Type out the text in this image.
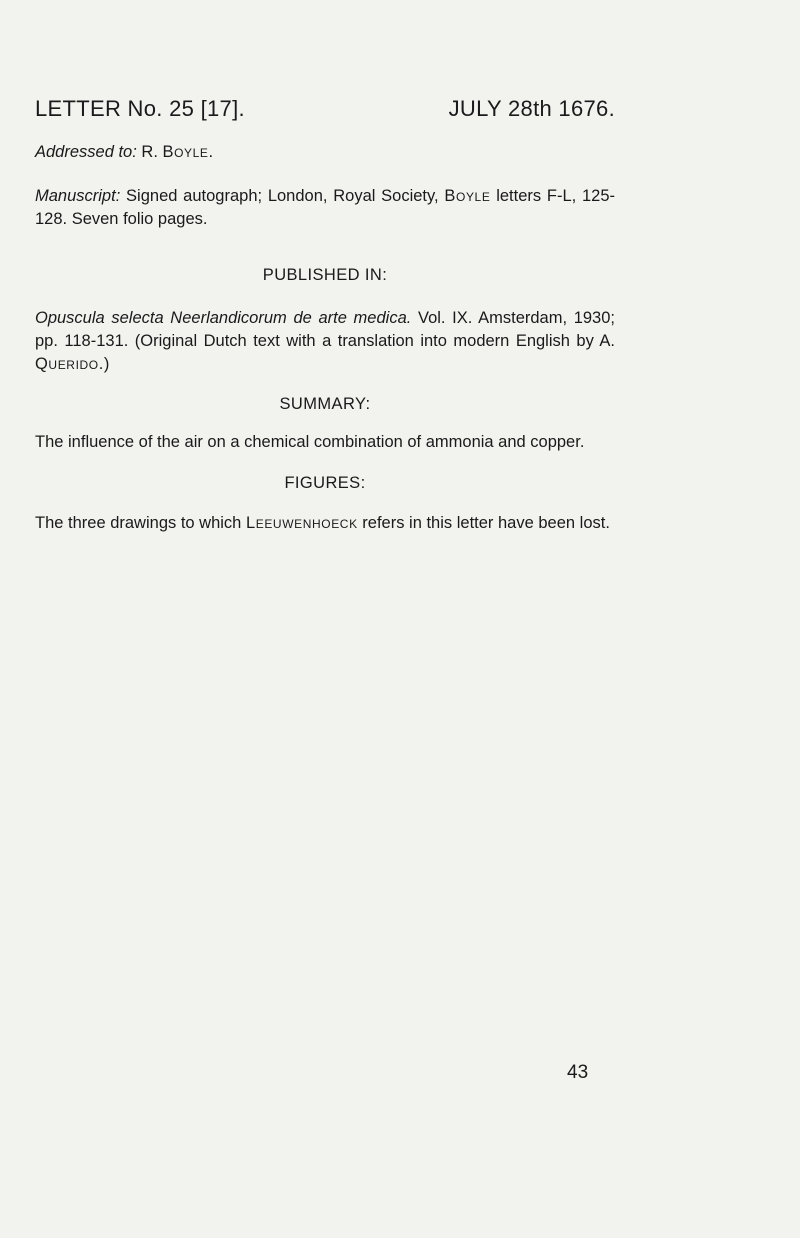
LETTER No. 25 [17].	JULY 28th 1676.
Addressed to: R. Boyle.
Manuscript: Signed autograph; London, Royal Society, Boyle letters F-L, 125-128. Seven folio pages.
PUBLISHED IN:
Opuscula selecta Neerlandicorum de arte medica. Vol. IX. Amsterdam, 1930; pp. 118-131. (Original Dutch text with a translation into modern English by A. Querido.)
SUMMARY:
The influence of the air on a chemical combination of ammonia and copper.
FIGURES:
The three drawings to which Leeuwenhoeck refers in this letter have been lost.
43
